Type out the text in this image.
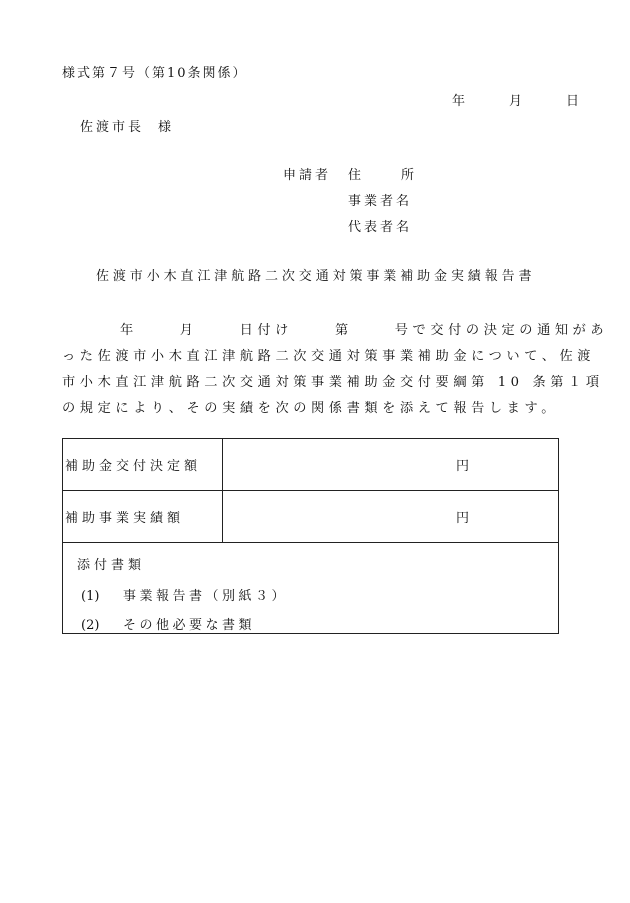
様式第７号（第10条関係）
年	月	日
佐渡市長 様
申請者 住	所
事業者名
代表者名
佐渡市小木直江津航路二次交通対策事業補助金実績報告書
年	月	日付け	第	号で交付の決定の通知があ
った佐渡市小木直江津航路二次交通対策事業補助金について、佐渡
市小木直江津航路二次交通対策事業補助金交付要綱第 10 条第１項
の規定により、その実績を次の関係書類を添えて報告します。
補助金交付決定額	円
補助事業実績額	円

添付書類
(1) 事業報告書（別紙３）
(2) その他必要な書類	
